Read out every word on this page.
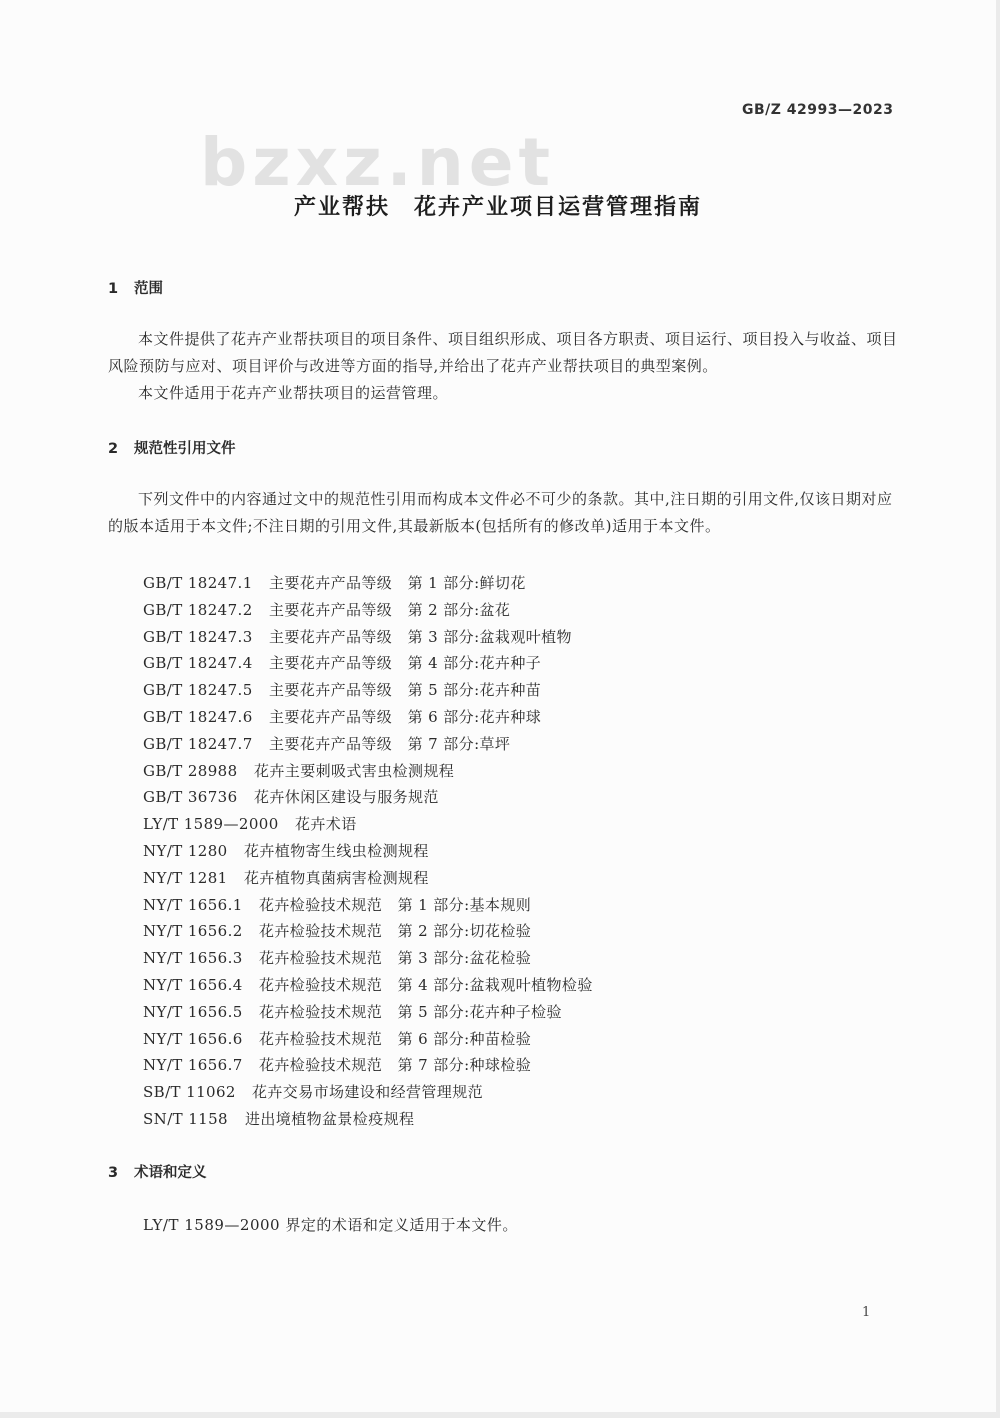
GB/Z 42993—2023
bzxz.net
产业帮扶　花卉产业项目运营管理指南
1 范围

本文件提供了花卉产业帮扶项目的项目条件、项目组织形成、项目各方职责、项目运行、项目投入与收益、项目风险预防与应对、项目评价与改进等方面的指导,并给出了花卉产业帮扶项目的典型案例。

本文件适用于花卉产业帮扶项目的运营管理。

2 规范性引用文件

下列文件中的内容通过文中的规范性引用而构成本文件必不可少的条款。其中,注日期的引用文件,仅该日期对应的版本适用于本文件;不注日期的引用文件,其最新版本(包括所有的修改单)适用于本文件。

GB/T 18247.1 主要花卉产品等级　第 1 部分:鲜切花
GB/T 18247.2 主要花卉产品等级　第 2 部分:盆花
GB/T 18247.3 主要花卉产品等级　第 3 部分:盆栽观叶植物
GB/T 18247.4 主要花卉产品等级　第 4 部分:花卉种子
GB/T 18247.5 主要花卉产品等级　第 5 部分:花卉种苗
GB/T 18247.6 主要花卉产品等级　第 6 部分:花卉种球
GB/T 18247.7 主要花卉产品等级　第 7 部分:草坪
GB/T 28988 花卉主要刺吸式害虫检测规程
GB/T 36736 花卉休闲区建设与服务规范
LY/T 1589—2000 花卉术语
NY/T 1280 花卉植物寄生线虫检测规程
NY/T 1281 花卉植物真菌病害检测规程
NY/T 1656.1 花卉检验技术规范　第 1 部分:基本规则
NY/T 1656.2 花卉检验技术规范　第 2 部分:切花检验
NY/T 1656.3 花卉检验技术规范　第 3 部分:盆花检验
NY/T 1656.4 花卉检验技术规范　第 4 部分:盆栽观叶植物检验
NY/T 1656.5 花卉检验技术规范　第 5 部分:花卉种子检验
NY/T 1656.6 花卉检验技术规范　第 6 部分:种苗检验
NY/T 1656.7 花卉检验技术规范　第 7 部分:种球检验
SB/T 11062 花卉交易市场建设和经营管理规范
SN/T 1158 进出境植物盆景检疫规程
3 术语和定义

LY/T 1589—2000 界定的术语和定义适用于本文件。

1
